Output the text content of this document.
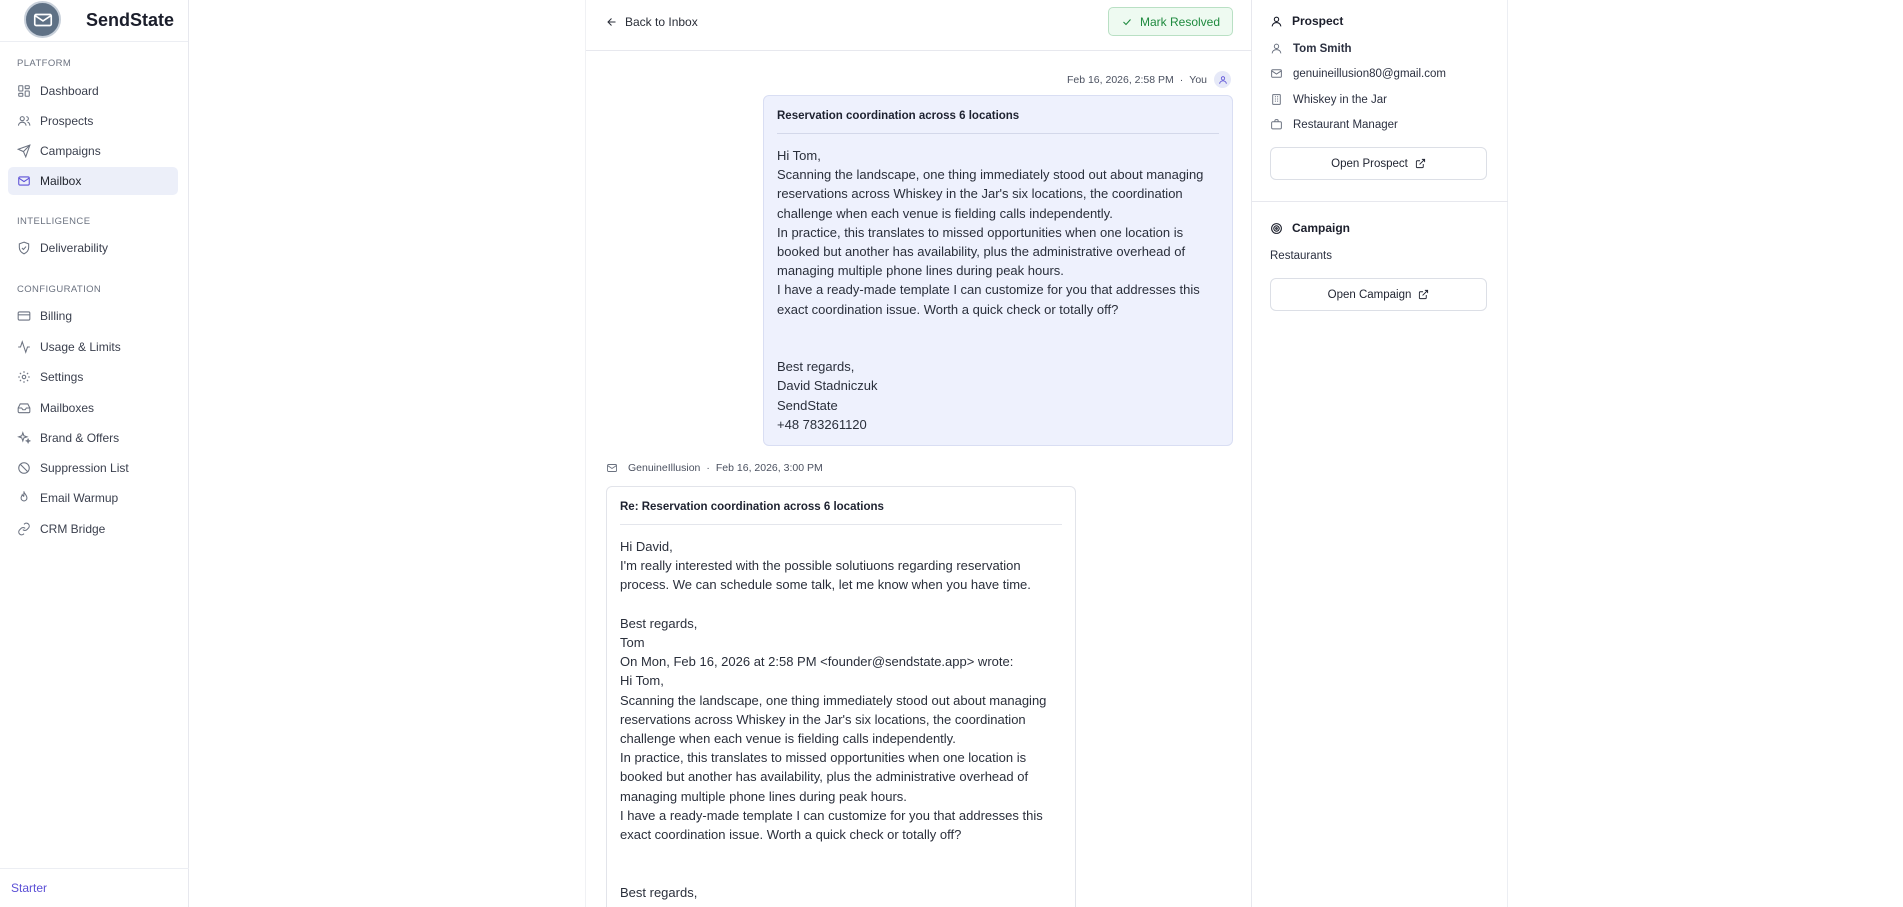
SendState
PLATFORM
Dashboard
Prospects
Campaigns
Mailbox
INTELLIGENCE
Deliverability
CONFIGURATION
Billing
Usage & Limits
Settings
Mailboxes
Brand & Offers
Suppression List
Email Warmup
CRM Bridge
Starter
Back to Inbox	Mark Resolved
Feb 16, 2026, 2:58 PM · You
Reservation coordination across 6 locations
Hi Tom,
Scanning the landscape, one thing immediately stood out about managing reservations across Whiskey in the Jar's six locations, the coordination challenge when each venue is fielding calls independently.
In practice, this translates to missed opportunities when one location is booked but another has availability, plus the administrative overhead of managing multiple phone lines during peak hours.
I have a ready-made template I can customize for you that addresses this exact coordination issue. Worth a quick check or totally off?

Best regards,
David Stadniczuk
SendState
+48 783261120
GenuineIllusion · Feb 16, 2026, 3:00 PM
Re: Reservation coordination across 6 locations
Hi David,
I'm really interested with the possible solutiuons regarding reservation process. We can schedule some talk, let me know when you have time.

Best regards,
Tom
On Mon, Feb 16, 2026 at 2:58 PM <founder@sendstate.app> wrote:
Hi Tom,
Scanning the landscape, one thing immediately stood out about managing reservations across Whiskey in the Jar's six locations, the coordination challenge when each venue is fielding calls independently.
In practice, this translates to missed opportunities when one location is booked but another has availability, plus the administrative overhead of managing multiple phone lines during peak hours.
I have a ready-made template I can customize for you that addresses this exact coordination issue. Worth a quick check or totally off?

Best regards,
Prospect
Tom Smith
genuineillusion80@gmail.com
Whiskey in the Jar
Restaurant Manager
Open Prospect
Campaign
Restaurants
Open Campaign
